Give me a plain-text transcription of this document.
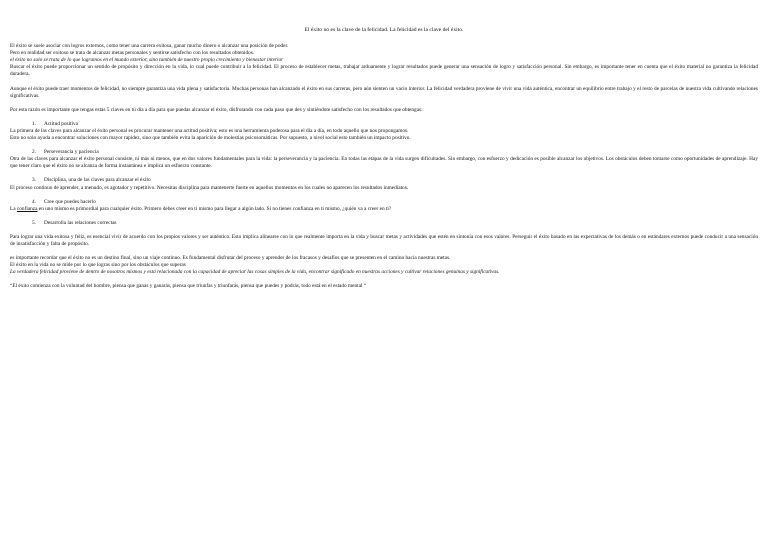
El éxito no es la clave de la felicidad. La felicidad es la clave del éxito.

El éxito se suele asociar con logros externos, como tener una carrera exitosa, ganar mucho dinero o alcanzar una posición de poder.

Pero en realidad ser exitoso se trata de alcanzar metas personales y sentirse satisfecho con los resultados obtenidos.

el éxito no solo se trata de lo que logramos en el mundo exterior, sino también de nuestro propio crecimiento y bienestar interior

Buscar el éxito puede proporcionar un sentido de propósito y dirección en la vida, lo cual puede contribuir a la felicidad. El proceso de establecer metas, trabajar arduamente y lograr resultados puede generar una sensación de logro y satisfacción personal. Sin embargo, es importante tener en cuenta que el éxito material no garantiza la felicidad duradera.

Aunque el éxito puede traer momentos de felicidad, no siempre garantiza una vida plena y satisfactoria. Muchas personas han alcanzado el éxito en sus carreras, pero aún sienten un vacío interior. La felicidad verdadera proviene de vivir una vida auténtica, encontrar un equilibrio entre trabajo y el resto de parcelas de nuestra vida cultivando relaciones significativas.

Por esta razón es importante que tengas estas 5 claves en tú día a día para que puedas alcanzar el éxito, disfrutando con cada paso que des y sintiéndote satisfecho con los resultados que obtengas:

1. Actitud positiva

La primera de las claves para alcanzar el éxito personal es procurar mantener una actitud positiva; esto es una herramienta poderosa para el día a día, en todo aquello que nos propongamos.

Esto no solo ayuda a encontrar soluciones con mayor rapidez, sino que también evita la aparición de molestias psicosomáticas. Por supuesto, a nivel social esto también un impacto positivo.

2. Perseverancia y paciencia

Otra de las claves para alcanzar el éxito personal consiste, ni más ni menos, que en dos valores fundamentales para la vida: la perseverancia y la paciencia. En todas las etapas de la vida surgen dificultades. Sin embargo, con esfuerzo y dedicación es posible alcanzar los objetivos. Los obstáculos deben tomarse como oportunidades de aprendizaje. Hay que tener claro que el éxito no se alcanza de forma instantánea e implica un esfuerzo constante.

3. Disciplina, una de las claves para alcanzar el éxito

El proceso continuo de aprender, a menudo, es agotador y repetitivo. Necesitas disciplina para mantenerte fuerte en aquellos momentos en los cuales no aparecen los resultados inmediatos.

4. Cree que puedes hacerlo

La confianza en uno mismo es primordial para cualquier éxito. Primero debes creer en ti mismo para llegar a algún lado. Si no tienes confianza en ti mismo, ¿quién va a creer en ti?

5. Desarrolla las relaciones correctas

Para lograr una vida exitosa y feliz, es esencial vivir de acuerdo con los propios valores y ser auténtico. Esto implica alinearse con lo que realmente importa en la vida y buscar metas y actividades que estén en sintonía con esos valores. Perseguir el éxito basado en las expectativas de los demás o en estándares externos puede conducir a una sensación de insatisfacción y falta de propósito.

es importante recordar que el éxito no es un destino final, sino un viaje continuo. Es fundamental disfrutar del proceso y aprender de los fracasos y desafíos que se presenten en el camino hacia nuestras metas.

El éxito en la vida no se mide por lo que logras sino por los obstáculos que superas

La verdadera felicidad proviene de dentro de nosotros mismos y está relacionada con la capacidad de apreciar las cosas simples de la vida, encontrar significado en nuestras acciones y cultivar relaciones genuinas y significativas.

“El éxito comienza con la voluntad del hombre, piensa que ganas y ganarás, piensa que triunfas y triunfarás, piensa que puedes y podrás, todo está en el estado mental “
